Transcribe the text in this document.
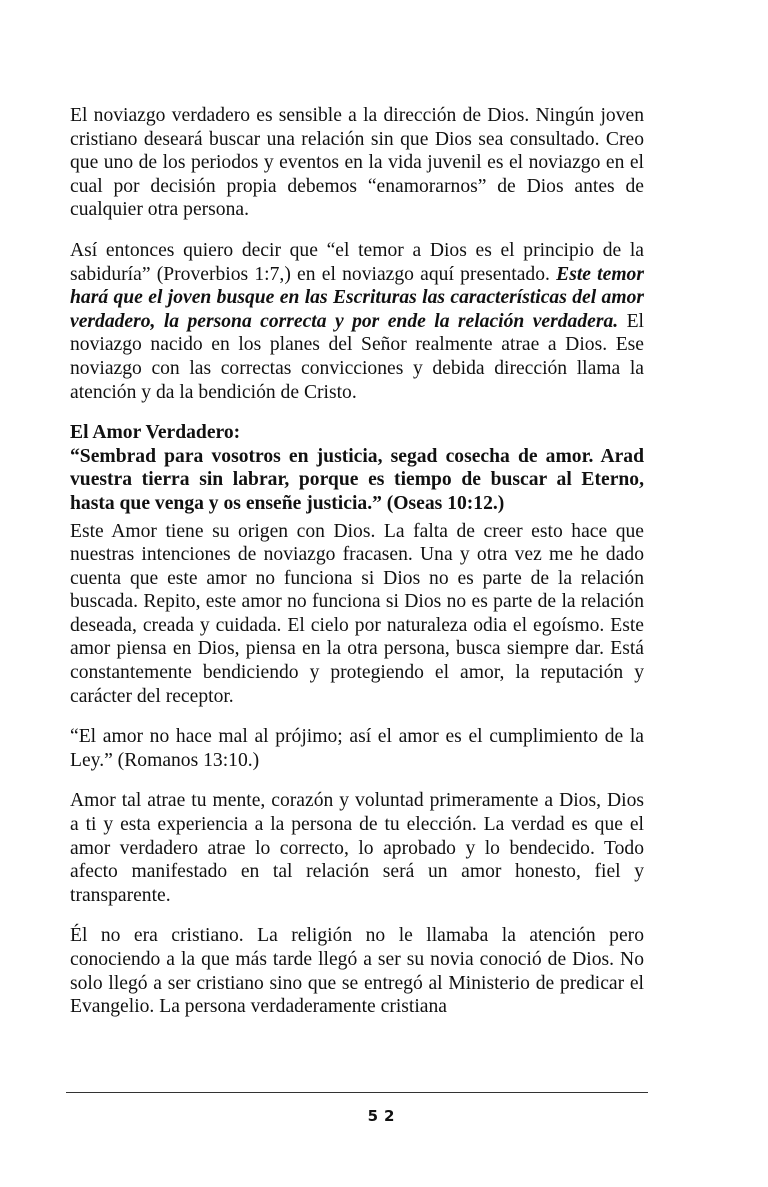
El noviazgo verdadero es sensible a la dirección de Dios. Ningún joven cristiano deseará buscar una relación sin que Dios sea consultado. Creo que uno de los periodos y eventos en la vida juvenil es el noviazgo en el cual por decisión propia debemos “enamorarnos” de Dios antes de cualquier otra persona.

Así entonces quiero decir que “el temor a Dios es el principio de la sabiduría” (Proverbios 1:7,) en el noviazgo aquí presentado. Este temor hará que el joven busque en las Escrituras las características del amor verdadero, la persona correcta y por ende la relación verdadera. El noviazgo nacido en los planes del Señor realmente atrae a Dios. Ese noviazgo con las correctas convicciones y debida dirección llama la atención y da la bendición de Cristo.

El Amor Verdadero:

“Sembrad para vosotros en justicia, segad cosecha de amor. Arad vuestra tierra sin labrar, porque es tiempo de buscar al Eterno, hasta que venga y os enseñe justicia.” (Oseas 10:12.)

Este Amor tiene su origen con Dios. La falta de creer esto hace que nuestras intenciones de noviazgo fracasen. Una y otra vez me he dado cuenta que este amor no funciona si Dios no es parte de la relación buscada. Repito, este amor no funciona si Dios no es parte de la relación deseada, creada y cuidada. El cielo por naturaleza odia el egoísmo. Este amor piensa en Dios, piensa en la otra persona, busca siempre dar. Está constantemente bendiciendo y protegiendo el amor, la reputación y carácter del receptor.

“El amor no hace mal al prójimo; así el amor es el cumplimiento de la Ley.” (Romanos 13:10.)

Amor tal atrae tu mente, corazón y voluntad primeramente a Dios, Dios a ti y esta experiencia a la persona de tu elección. La verdad es que el amor verdadero atrae lo correcto, lo aprobado y lo bendecido. Todo afecto manifestado en tal relación será un amor honesto, fiel y transparente.

Él no era cristiano. La religión no le llamaba la atención pero conociendo a la que más tarde llegó a ser su novia conoció de Dios. No solo llegó a ser cristiano sino que se entregó al Ministerio de predicar el Evangelio. La persona verdaderamente cristiana

52
